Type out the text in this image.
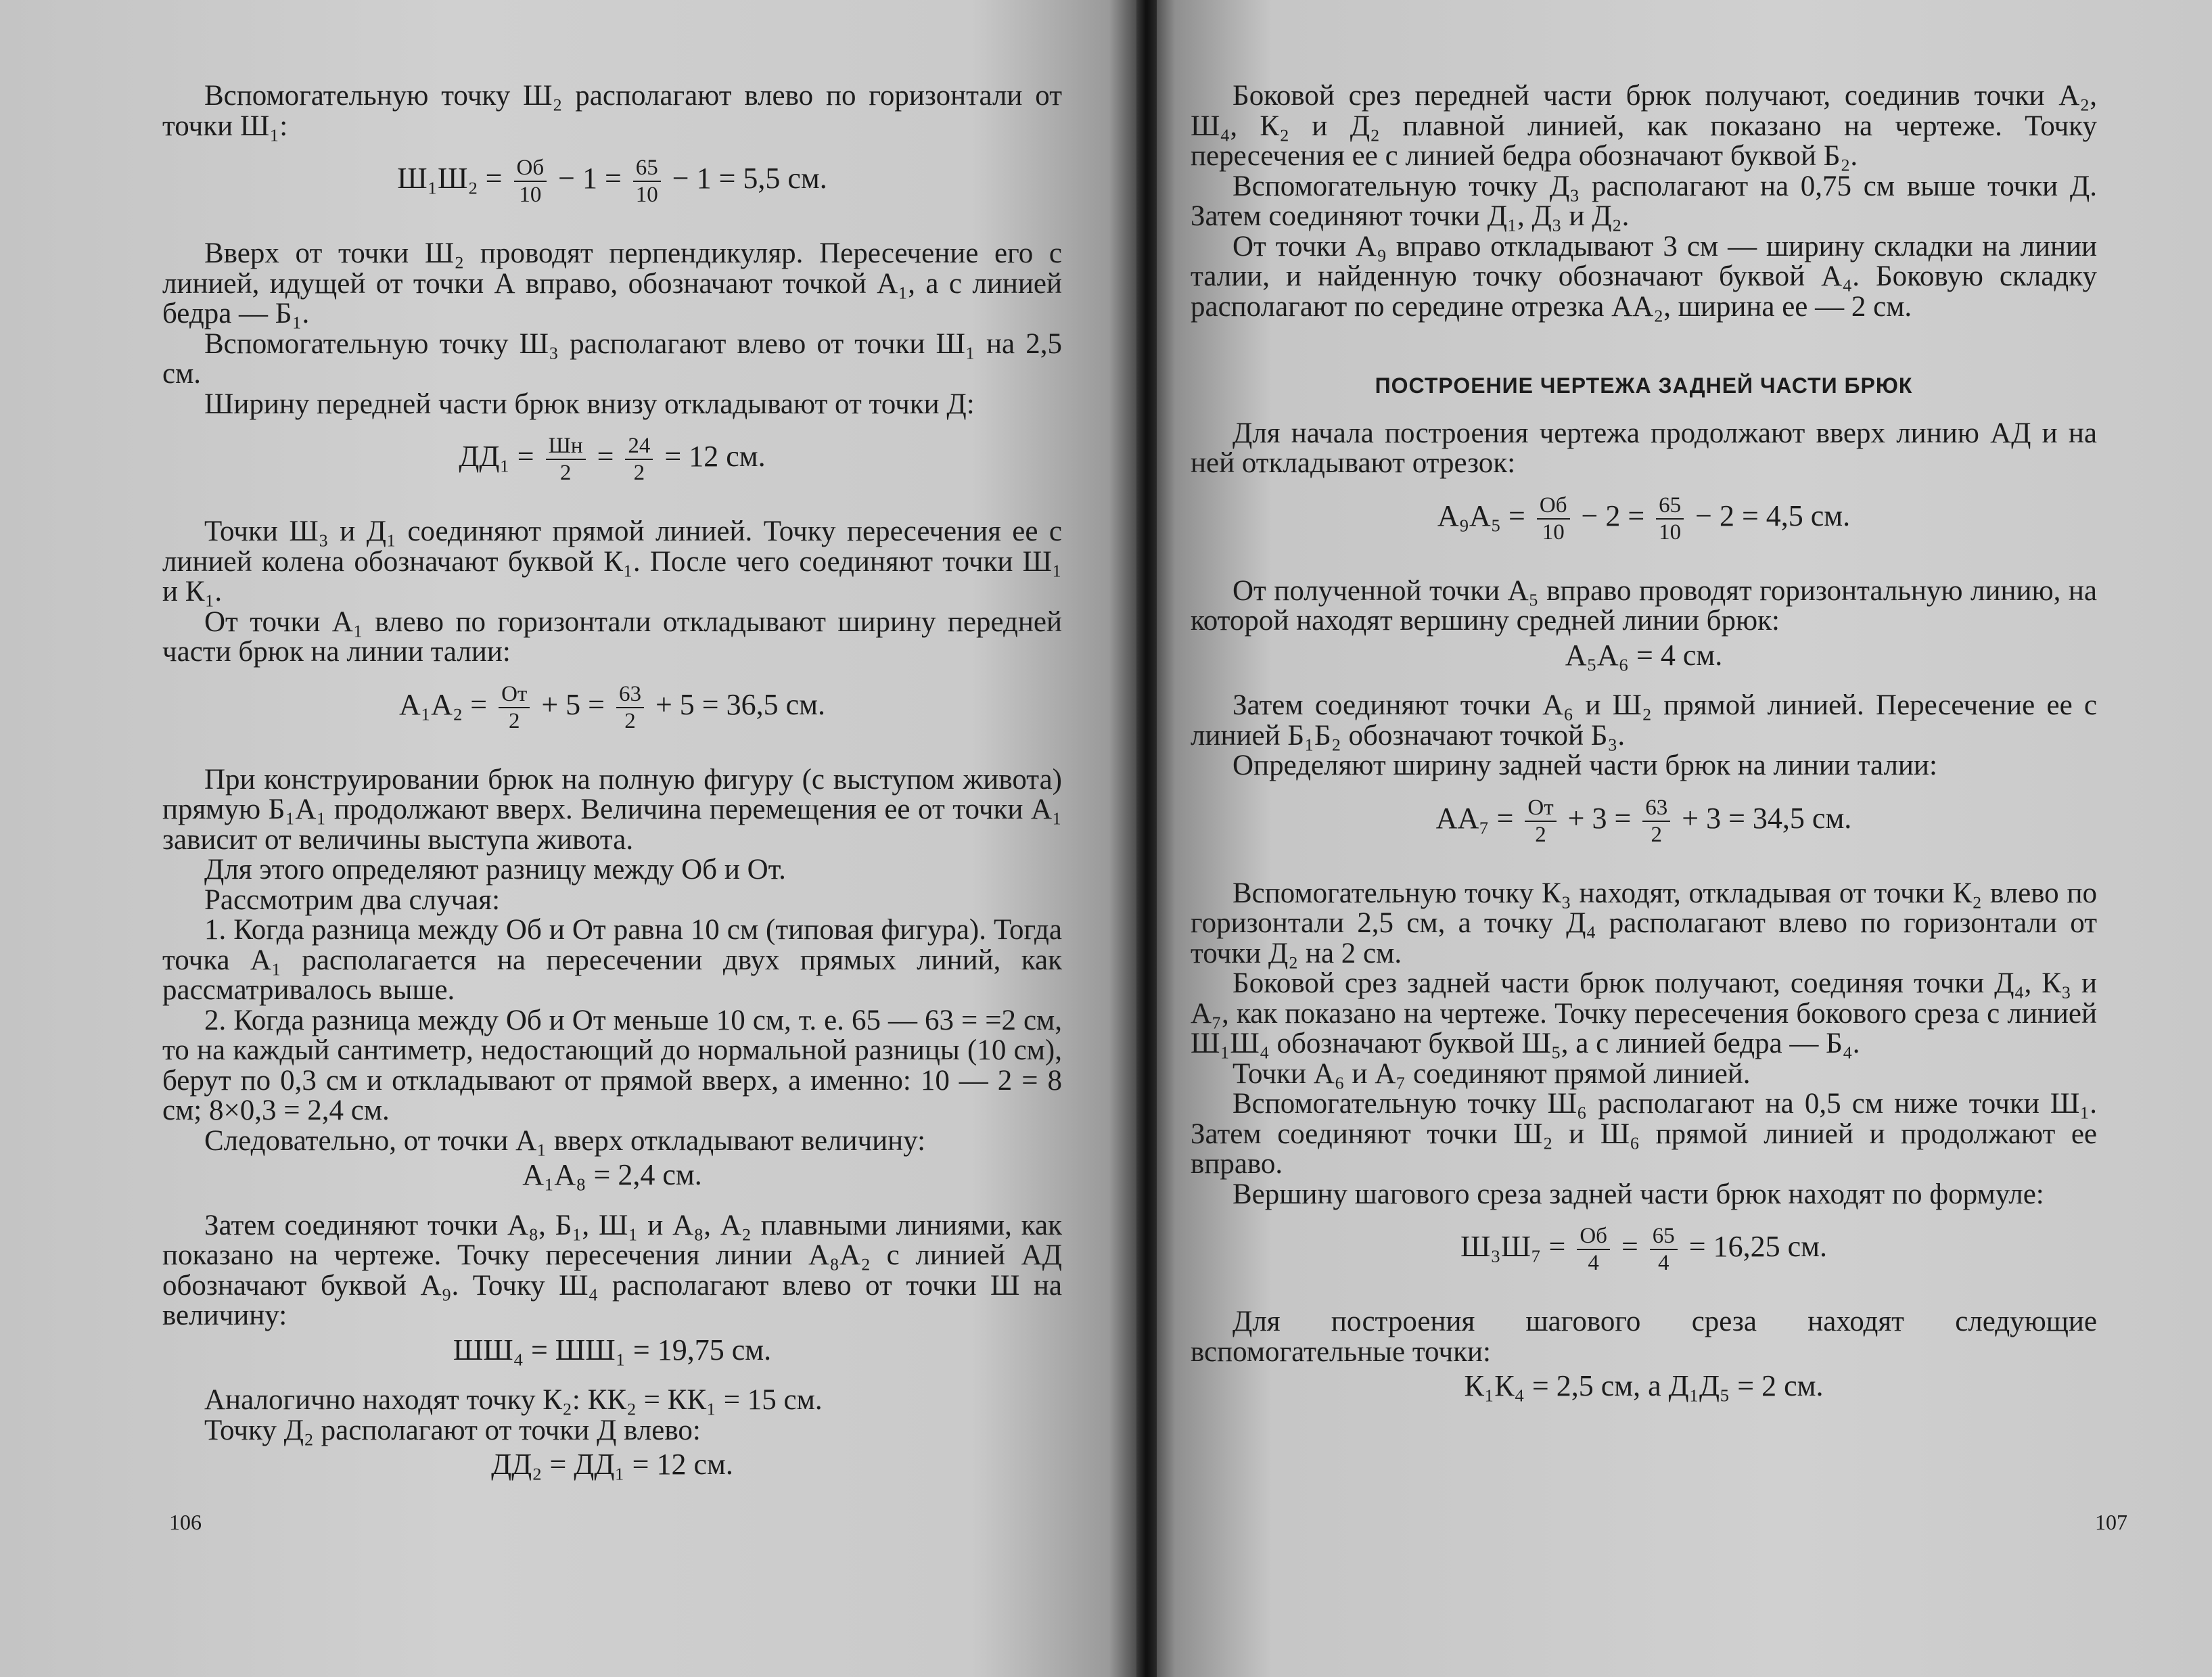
Вспомогательную точку Ш₂ располагают влево по горизонтали от точки Ш₁:

$Ш_1Ш_2 = \frac{Об}{10} - 1 = \frac{65}{10} - 1 = 5,5$ см.

Вверх от точки Ш₂ проводят перпендикуляр. Пересечение его с линией, идущей от точки А вправо, обозначают точкой А₁, а с линией бедра — Б₁.

Вспомогательную точку Ш₃ располагают влево от точки Ш₁ на 2,5 см.

Ширину передней части брюк внизу откладывают от точки Д:

$ДД_1 = \frac{Шн}{2} = \frac{24}{2} = 12$ см.

Точки Ш₃ и Д₁ соединяют прямой линией. Точку пересечения ее с линией колена обозначают буквой К₁. После чего соединяют точки Ш₁ и К₁.

От точки А₁ влево по горизонтали откладывают ширину передней части брюк на линии талии:

$А_1А_2 = \frac{От}{2} + 5 = \frac{63}{2} + 5 = 36,5$ см.

При конструировании брюк на полную фигуру (с выступом живота) прямую Б₁А₁ продолжают вверх. Величина перемещения ее от точки А₁ зависит от величины выступа живота.

Для этого определяют разницу между Об и От.

Рассмотрим два случая:

1. Когда разница между Об и От равна 10 см (типовая фигура). Тогда точка А₁ располагается на пересечении двух прямых линий, как рассматривалось выше.

2. Когда разница между Об и От меньше 10 см, т. е. 65 — 63 = =2 см, то на каждый сантиметр, недостающий до нормальной разницы (10 см), берут по 0,3 см и откладывают от прямой вверх, а именно: 10 — 2 = 8 см; 8×0,3 = 2,4 см.

Следовательно, от точки А₁ вверх откладывают величину:

А₁А₈ = 2,4 см.

Затем соединяют точки А₈, Б₁, Ш₁ и А₈, А₂ плавными линиями, как показано на чертеже. Точку пересечения линии А₈А₂ с линией АД обозначают буквой А₉. Точку Ш₄ располагают влево от точки Ш на величину:

ШШ₄ = ШШ₁ = 19,75 см.

Аналогично находят точку К₂: КК₂ = КК₁ = 15 см.

Точку Д₂ располагают от точки Д влево:

ДД₂ = ДД₁ = 12 см.
106

Боковой срез передней части брюк получают, соединив точки А₂, Ш₄, К₂ и Д₂ плавной линией, как показано на чертеже. Точку пересечения ее с линией бедра обозначают буквой Б₂.

Вспомогательную точку Д₃ располагают на 0,75 см выше точки Д. Затем соединяют точки Д₁, Д₃ и Д₂.

От точки А₉ вправо откладывают 3 см — ширину складки на линии талии, и найденную точку обозначают буквой А₄. Боковую складку располагают по середине отрезка АА₂, ширина ее — 2 см.

ПОСТРОЕНИЕ ЧЕРТЕЖА ЗАДНЕЙ ЧАСТИ БРЮК

Для начала построения чертежа продолжают вверх линию АД и на ней откладывают отрезок:

$А_9А_5 = \frac{Об}{10} - 2 = \frac{65}{10} - 2 = 4,5$ см.

От полученной точки А₅ вправо проводят горизонтальную линию, на которой находят вершину средней линии брюк:

А₅А₆ = 4 см.

Затем соединяют точки А₆ и Ш₂ прямой линией. Пересечение ее с линией Б₁Б₂ обозначают точкой Б₃.

Определяют ширину задней части брюк на линии талии:

$АА_7 = \frac{От}{2} + 3 = \frac{63}{2} + 3 = 34,5$ см.

Вспомогательную точку К₃ находят, откладывая от точки К₂ влево по горизонтали 2,5 см, а точку Д₄ располагают влево по горизонтали от точки Д₂ на 2 см.

Боковой срез задней части брюк получают, соединяя точки Д₄, К₃ и А₇, как показано на чертеже. Точку пересечения бокового среза с линией Ш₁Ш₄ обозначают буквой Ш₅, а с линией бедра — Б₄.

Точки А₆ и А₇ соединяют прямой линией.

Вспомогательную точку Ш₆ располагают на 0,5 см ниже точки Ш₁. Затем соединяют точки Ш₂ и Ш₆ прямой линией и продолжают ее вправо.

Вершину шагового среза задней части брюк находят по формуле:

$Ш_3Ш_7 = \frac{Об}{4} = \frac{65}{4} = 16,25$ см.

Для построения шагового среза находят следующие вспомогательные точки:

К₁К₄ = 2,5 см, а Д₁Д₅ = 2 см.
107
